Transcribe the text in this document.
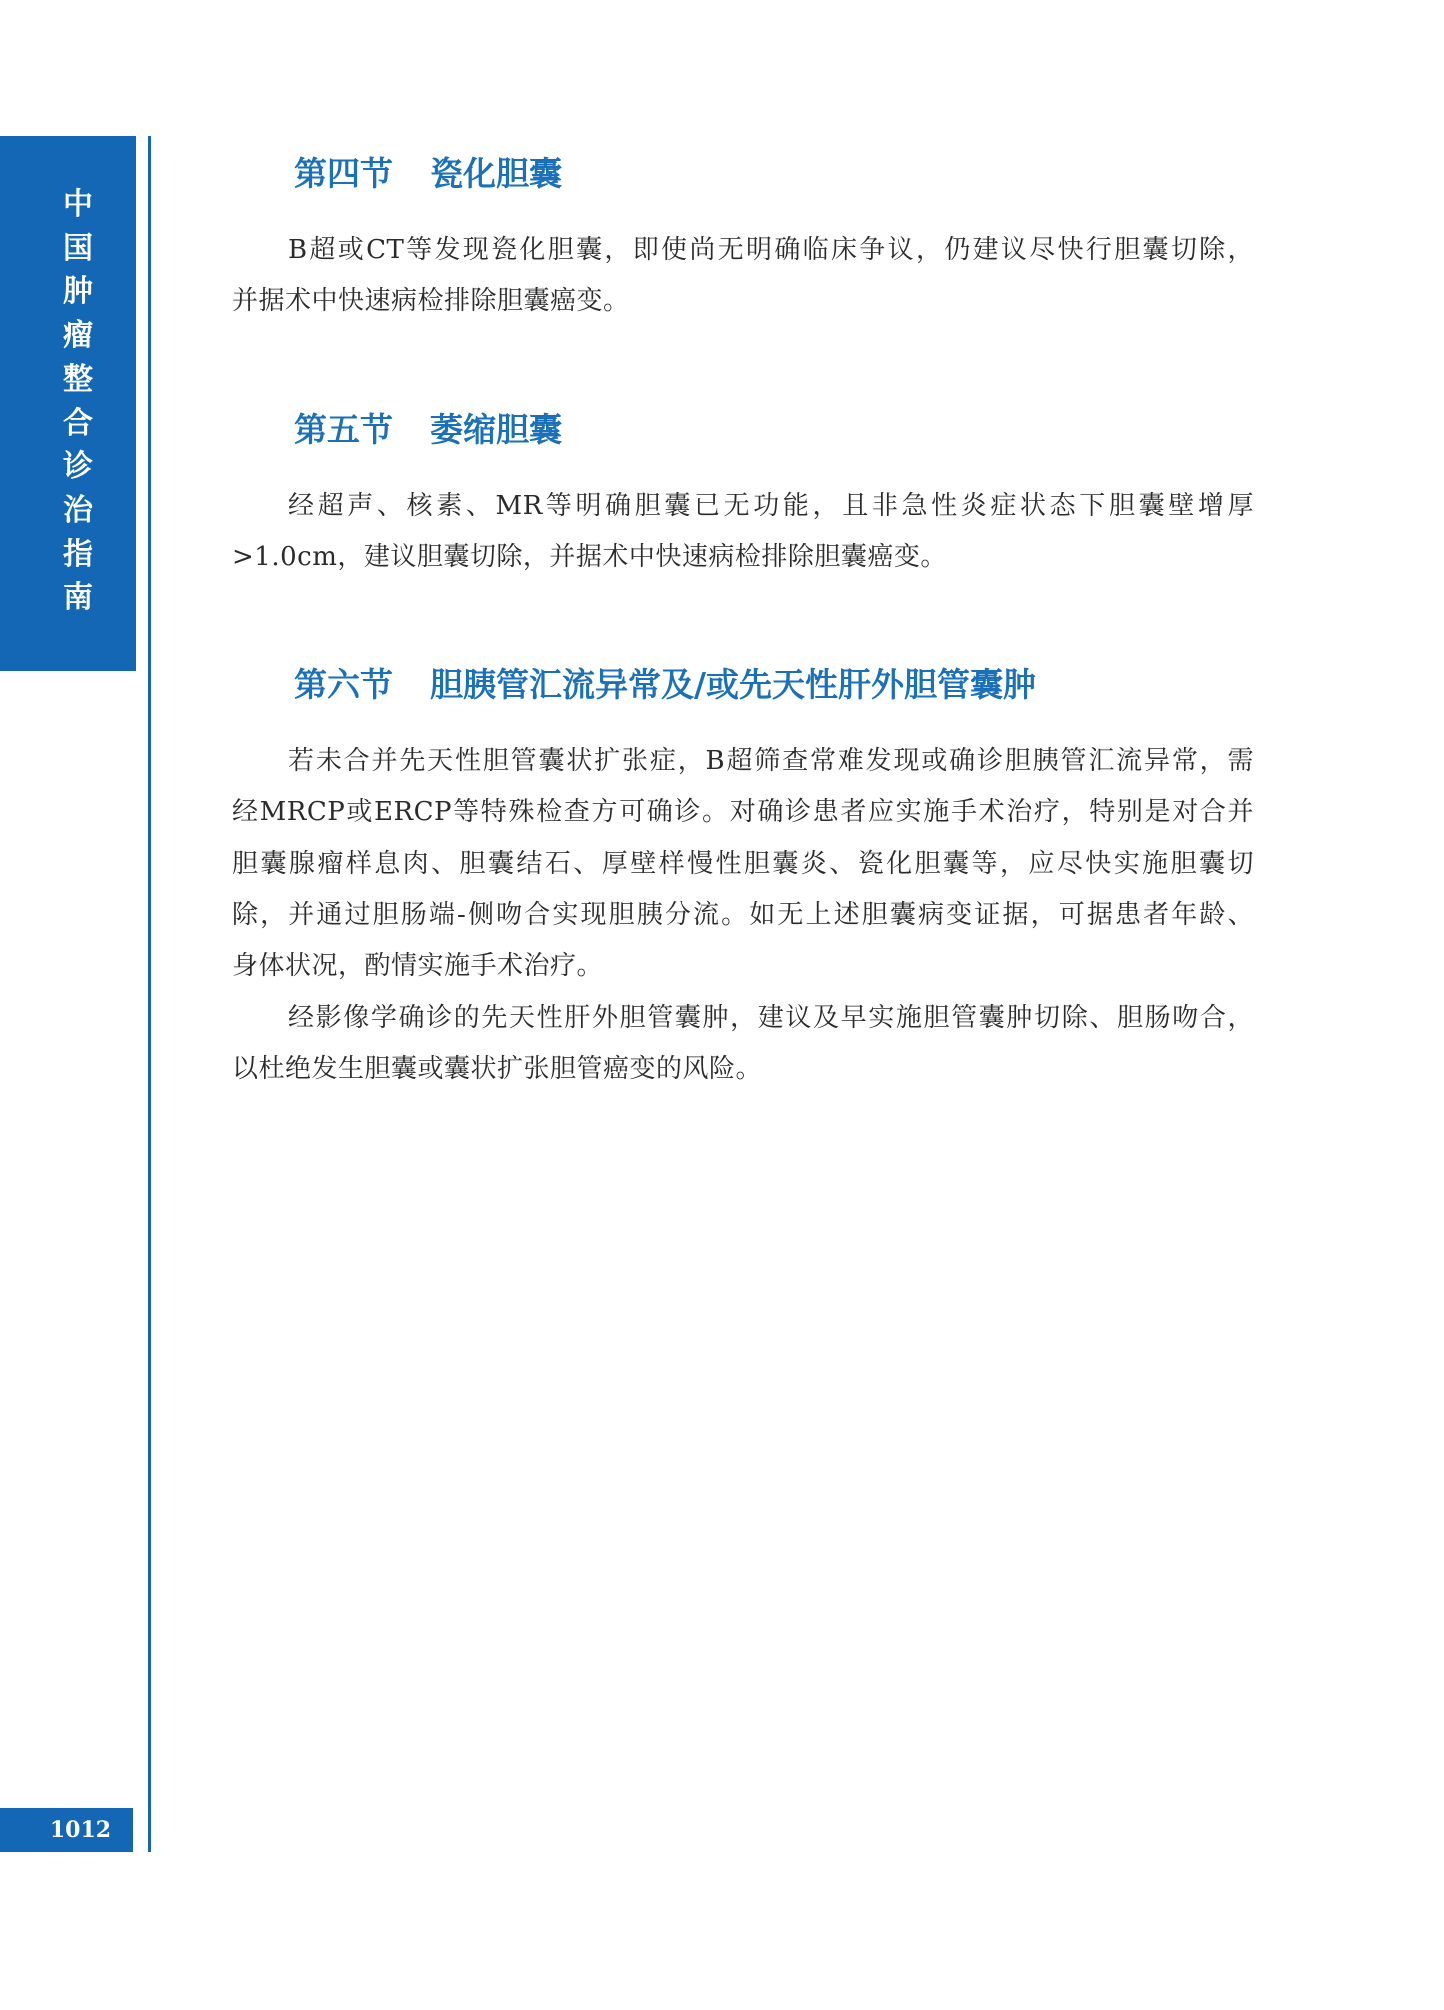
中国肿瘤整合诊治指南
1012
第四节 瓷化胆囊
B超或CT等发现瓷化胆囊，即使尚无明确临床争议，仍建议尽快行胆囊切除，
并据术中快速病检排除胆囊癌变。
第五节 萎缩胆囊
经超声、核素、MR等明确胆囊已无功能，且非急性炎症状态下胆囊壁增厚
>1.0cm，建议胆囊切除，并据术中快速病检排除胆囊癌变。
第六节 胆胰管汇流异常及/或先天性肝外胆管囊肿
若未合并先天性胆管囊状扩张症，B超筛查常难发现或确诊胆胰管汇流异常，需
经MRCP或ERCP等特殊检查方可确诊。对确诊患者应实施手术治疗，特别是对合并
胆囊腺瘤样息肉、胆囊结石、厚壁样慢性胆囊炎、瓷化胆囊等，应尽快实施胆囊切
除，并通过胆肠端-侧吻合实现胆胰分流。如无上述胆囊病变证据，可据患者年龄、
身体状况，酌情实施手术治疗。
经影像学确诊的先天性肝外胆管囊肿，建议及早实施胆管囊肿切除、胆肠吻合，
以杜绝发生胆囊或囊状扩张胆管癌变的风险。
